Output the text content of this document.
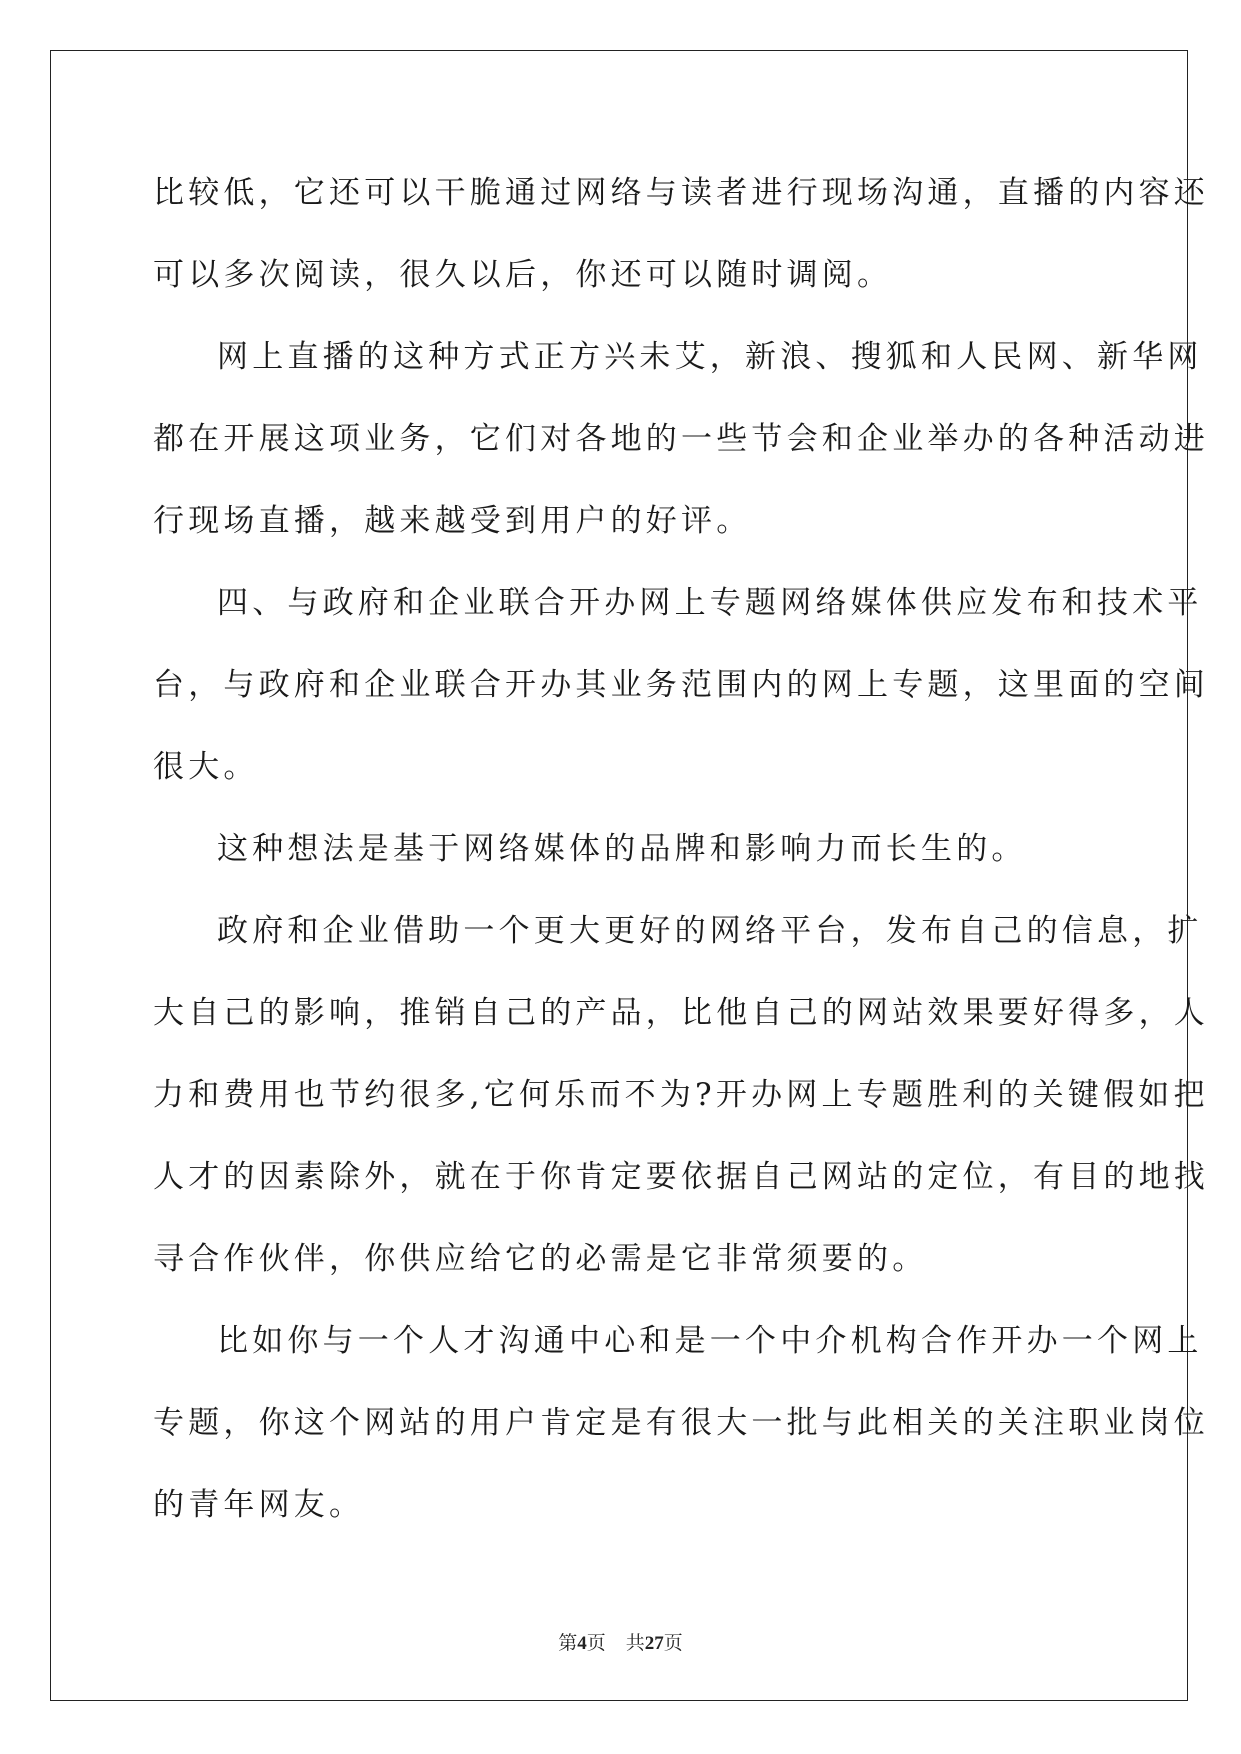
比较低，它还可以干脆通过网络与读者进行现场沟通，直播的内容还
可以多次阅读，很久以后，你还可以随时调阅。
网上直播的这种方式正方兴未艾，新浪、搜狐和人民网、新华网
都在开展这项业务，它们对各地的一些节会和企业举办的各种活动进
行现场直播，越来越受到用户的好评。
四、与政府和企业联合开办网上专题网络媒体供应发布和技术平
台，与政府和企业联合开办其业务范围内的网上专题，这里面的空间
很大。
这种想法是基于网络媒体的品牌和影响力而长生的。
政府和企业借助一个更大更好的网络平台，发布自己的信息，扩
大自己的影响，推销自己的产品，比他自己的网站效果要好得多，人
力和费用也节约很多,它何乐而不为?开办网上专题胜利的关键假如把
人才的因素除外，就在于你肯定要依据自己网站的定位，有目的地找
寻合作伙伴，你供应给它的必需是它非常须要的。
比如你与一个人才沟通中心和是一个中介机构合作开办一个网上
专题，你这个网站的用户肯定是有很大一批与此相关的关注职业岗位
的青年网友。
第4页 共27页
